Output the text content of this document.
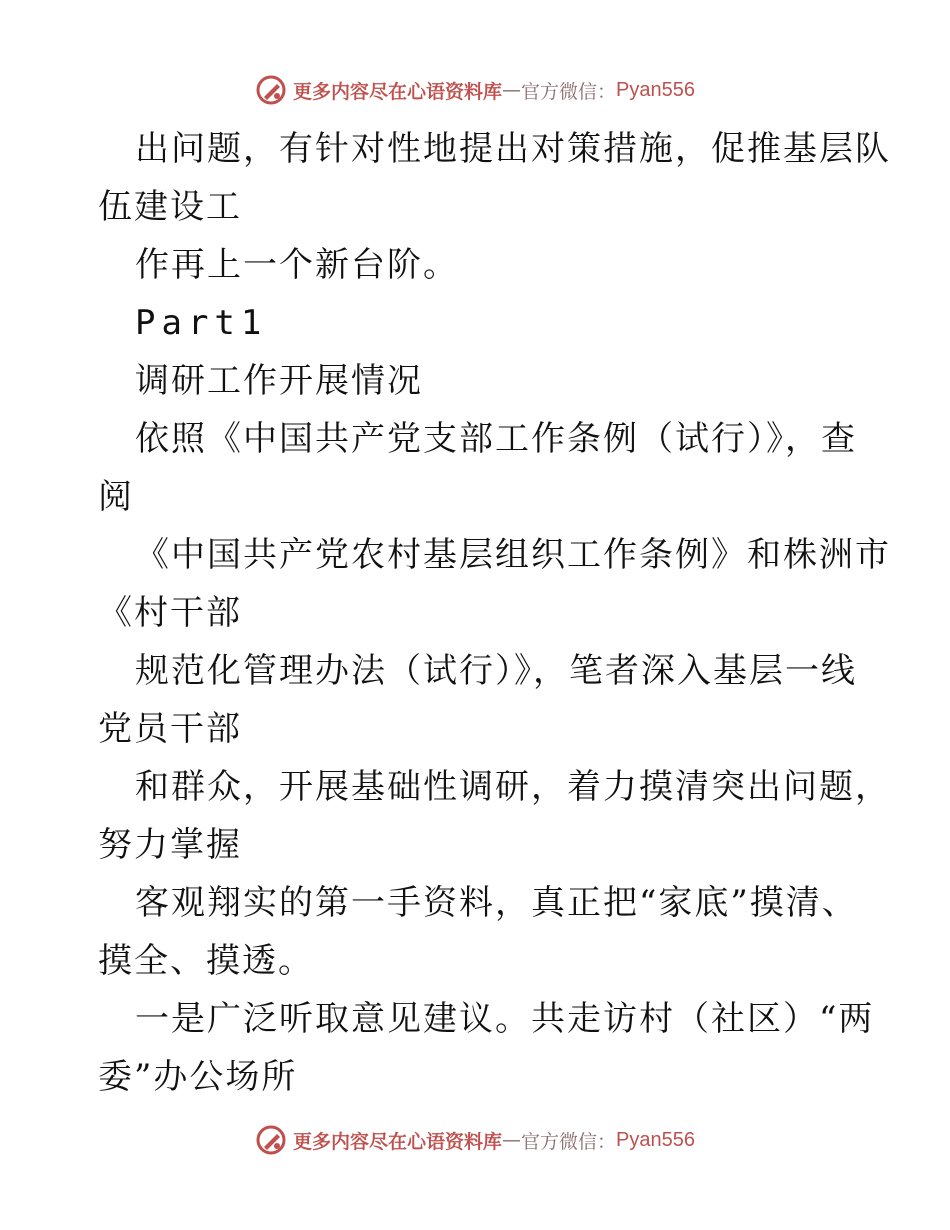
更多内容尽在心语资料库 — 官方微信： Pyan556
出问题，有针对性地提出对策措施，促推基层队
伍建设工
作再上一个新台阶。
Part1
调研工作开展情况
依照《中国共产党支部工作条例（试行）》，查
阅
《中国共产党农村基层组织工作条例》和株洲市
《村干部
规范化管理办法（试行）》，笔者深入基层一线
党员干部
和群众，开展基础性调研，着力摸清突出问题，
努力掌握
客观翔实的第一手资料，真正把“家底”摸清、
摸全、摸透。
一是广泛听取意见建议。共走访村（社区）“两
委”办公场所
更多内容尽在心语资料库 — 官方微信： Pyan556
